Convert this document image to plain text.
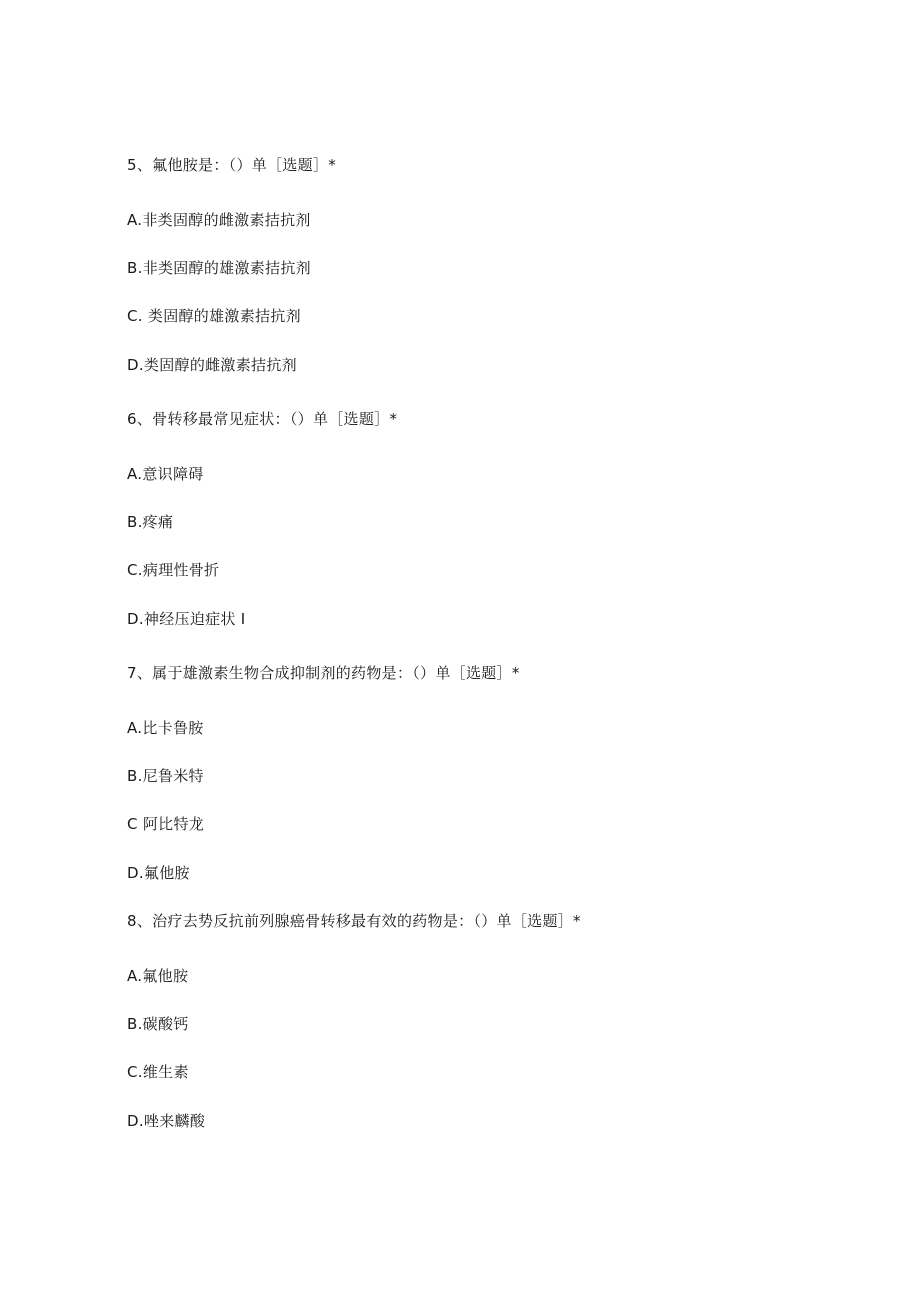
5、氟他胺是：（）单［选题］*
A.非类固醇的雌激素拮抗剂
B.非类固醇的雄激素拮抗剂
C. 类固醇的雄激素拮抗剂
D.类固醇的雌激素拮抗剂
6、骨转移最常见症状：（）单［选题］*
A.意识障碍
B.疼痛
C.病理性骨折
D.神经压迫症状 I
7、属于雄激素生物合成抑制剂的药物是：（）单［选题］*
A.比卡鲁胺
B.尼鲁米特
C 阿比特龙
D.氟他胺
8、治疗去势反抗前列腺癌骨转移最有效的药物是：（）单［选题］*
A.氟他胺
B.碳酸钙
C.维生素
D.唑来麟酸
